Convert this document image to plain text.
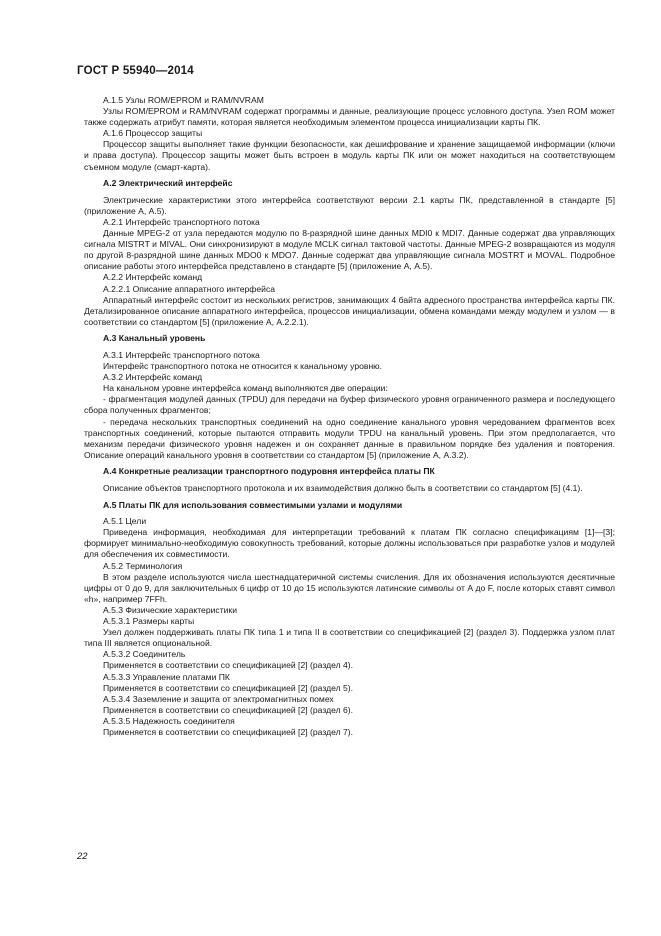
ГОСТ Р 55940—2014

А.1.5 Узлы ROM/EPROM и RAM/NVRAM

Узлы ROM/EPROM и RAM/NVRAM содержат программы и данные, реализующие процесс условного доступа. Узел ROM может также содержать атрибут памяти, которая является необходимым элементом процесса инициализации карты ПК.

А.1.6 Процессор защиты

Процессор защиты выполняет такие функции безопасности, как дешифрование и хранение защищаемой информации (ключи и права доступа). Процессор защиты может быть встроен в модуль карты ПК или он может находиться на соответствующем съемном модуле (смарт-карта).

А.2 Электрический интерфейс

Электрические характеристики этого интерфейса соответствуют версии 2.1 карты ПК, представленной в стандарте [5] (приложение А, А.5).

А.2.1 Интерфейс транспортного потока

Данные MPEG-2 от узла передаются модулю по 8-разрядной шине данных MDI0 к MDI7. Данные содержат два управляющих сигнала MISTRT и MIVAL. Они синхронизируют в модуле MCLK сигнал тактовой частоты. Данные MPEG-2 возвращаются из модуля по другой 8-разрядной шине данных MDO0 к MDO7. Данные содержат два управляющие сигнала MOSTRT и MOVAL. Подробное описание работы этого интерфейса представлено в стандарте [5] (приложение А, А.5).

А.2.2 Интерфейс команд

А.2.2.1 Описание аппаратного интерфейса

Аппаратный интерфейс состоит из нескольких регистров, занимающих 4 байта адресного пространства интерфейса карты ПК. Детализированное описание аппаратного интерфейса, процессов инициализации, обмена командами между модулем и узлом — в соответствии со стандартом [5] (приложение А, А.2.2.1).

А.3 Канальный уровень

А.3.1 Интерфейс транспортного потока

Интерфейс транспортного потока не относится к канальному уровню.

А.3.2 Интерфейс команд

На канальном уровне интерфейса команд выполняются две операции:

- фрагментация модулей данных (TPDU) для передачи на буфер физического уровня ограниченного размера и последующего сбора полученных фрагментов;

- передача нескольких транспортных соединений на одно соединение канального уровня чередованием фрагментов всех транспортных соединений, которые пытаются отправить модули TPDU на канальный уровень. При этом предполагается, что механизм передачи физического уровня надежен и он сохраняет данные в правильном порядке без удаления и повторения. Описание операций канального уровня в соответствии со стандартом [5] (приложение А, А.3.2).

А.4 Конкретные реализации транспортного подуровня интерфейса платы ПК

Описание объектов транспортного протокола и их взаимодействия должно быть в соответствии со стандартом [5] (4.1).

А.5 Платы ПК для использования совместимыми узлами и модулями

А.5.1 Цели

Приведена информация, необходимая для интерпретации требований к платам ПК согласно спецификациям [1]—[3]; формирует минимально-необходимую совокупность требований, которые должны использоваться при разработке узлов и модулей для обеспечения их совместимости.

А.5.2 Терминология

В этом разделе используются числа шестнадцатеричной системы счисления. Для их обозначения используются десятичные цифры от 0 до 9, для заключительных 6 цифр от 10 до 15 используются латинские символы от А до F, после которых ставят символ «h», например 7FFh.

А.5.3 Физические характеристики

А.5.3.1 Размеры карты

Узел должен поддерживать платы ПК типа 1 и типа II в соответствии со спецификацией [2] (раздел 3). Поддержка узлом плат типа III является опциональной.

А.5.3.2 Соединитель

Применяется в соответствии со спецификацией [2] (раздел 4).

А.5.3.3 Управление платами ПК

Применяется в соответствии со спецификацией [2] (раздел 5).

А.5.3.4 Заземление и защита от электромагнитных помех

Применяется в соответствии со спецификацией [2] (раздел 6).

А.5.3.5 Надежность соединителя

Применяется в соответствии со спецификацией [2] (раздел 7).

22
